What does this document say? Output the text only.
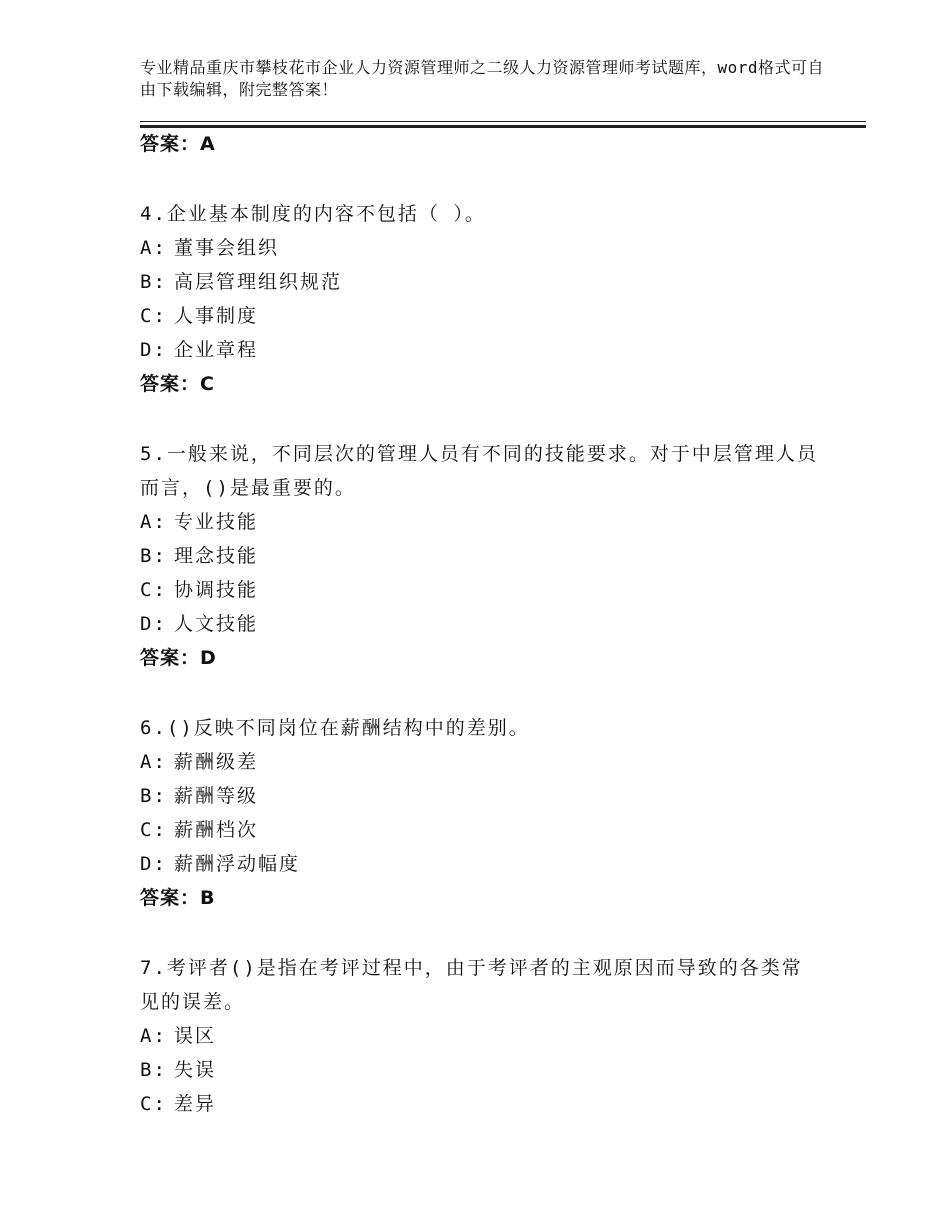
专业精品重庆市攀枝花市企业人力资源管理师之二级人力资源管理师考试题库，word格式可自由下载编辑，附完整答案！
答案：A
4.企业基本制度的内容不包括（ ）。
A: 董事会组织
B: 高层管理组织规范
C: 人事制度
D: 企业章程
答案：C
5.一般来说，不同层次的管理人员有不同的技能要求。对于中层管理人员而言，()是最重要的。
A: 专业技能
B: 理念技能
C: 协调技能
D: 人文技能
答案：D
6.()反映不同岗位在薪酬结构中的差别。
A: 薪酬级差
B: 薪酬等级
C: 薪酬档次
D: 薪酬浮动幅度
答案：B
7.考评者()是指在考评过程中，由于考评者的主观原因而导致的各类常见的误差。
A: 误区
B: 失误
C: 差异
